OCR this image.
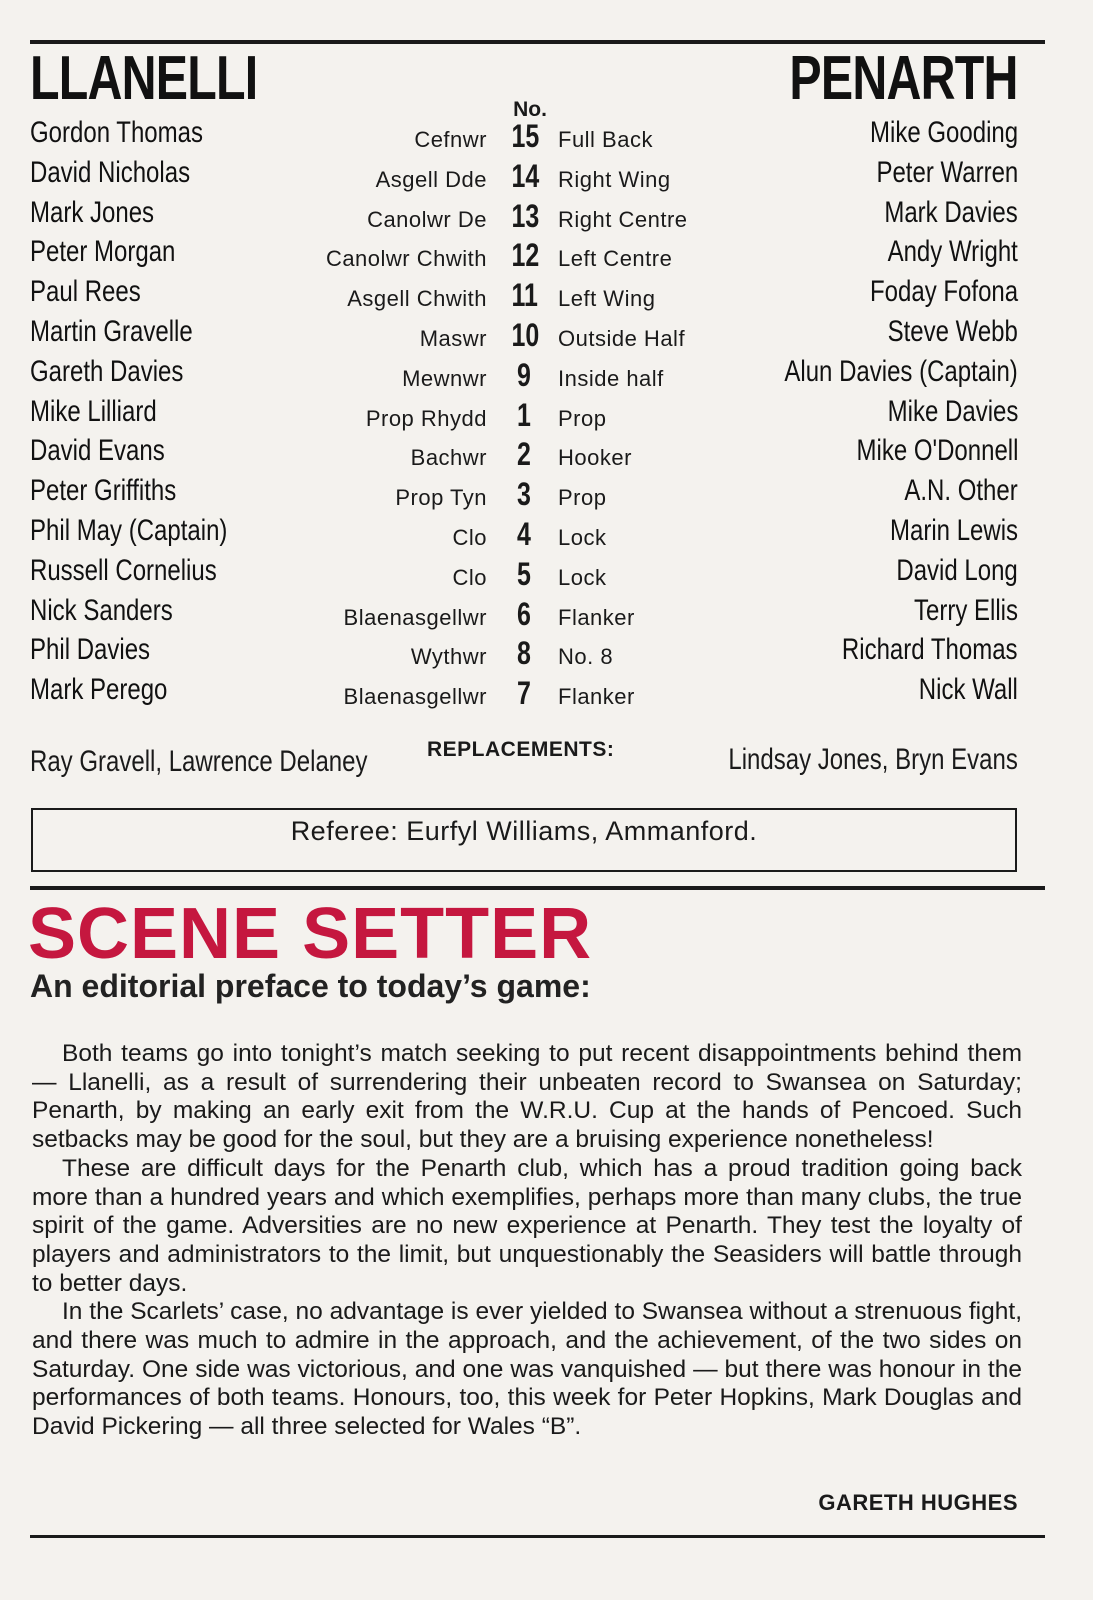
LLANELLI	PENARTH
No.
Gordon Thomas	Cefnwr 15 Full Back	Mike Gooding
David Nicholas	Asgell Dde 14 Right Wing	Peter Warren
Mark Jones	Canolwr De 13 Right Centre	Mark Davies
Peter Morgan	Canolwr Chwith 12 Left Centre	Andy Wright
Paul Rees	Asgell Chwith 11 Left Wing	Foday Fofona
Martin Gravelle	Maswr 10 Outside Half	Steve Webb
Gareth Davies	Mewnwr 9 Inside half	Alun Davies (Captain)
Mike Lilliard	Prop Rhydd 1 Prop	Mike Davies
David Evans	Bachwr 2 Hooker	Mike O'Donnell
Peter Griffiths	Prop Tyn 3 Prop	A.N. Other
Phil May (Captain)	Clo 4 Lock	Marin Lewis
Russell Cornelius	Clo 5 Lock	David Long
Nick Sanders	Blaenasgellwr 6 Flanker	Terry Ellis
Phil Davies	Wythwr 8 No. 8	Richard Thomas
Mark Perego	Blaenasgellwr 7 Flanker	Nick Wall
Ray Gravell, Lawrence Delaney	REPLACEMENTS:	Lindsay Jones, Bryn Evans
Referee: Eurfyl Williams, Ammanford.
SCENE SETTER
An editorial preface to today’s game:

Both teams go into tonight’s match seeking to put recent disappointments behind them — Llanelli, as a result of surrendering their unbeaten record to Swansea on Saturday; Penarth, by making an early exit from the W.R.U. Cup at the hands of Pencoed. Such setbacks may be good for the soul, but they are a bruising experience nonetheless!

These are difficult days for the Penarth club, which has a proud tradition going back more than a hundred years and which exemplifies, perhaps more than many clubs, the true spirit of the game. Adversities are no new experience at Penarth. They test the loyalty of players and administrators to the limit, but unquestionably the Seasiders will battle through to better days.

In the Scarlets’ case, no advantage is ever yielded to Swansea without a strenuous fight, and there was much to admire in the approach, and the achievement, of the two sides on Saturday. One side was victorious, and one was vanquished — but there was honour in the performances of both teams. Honours, too, this week for Peter Hopkins, Mark Douglas and David Pickering — all three selected for Wales “B”.

GARETH HUGHES
